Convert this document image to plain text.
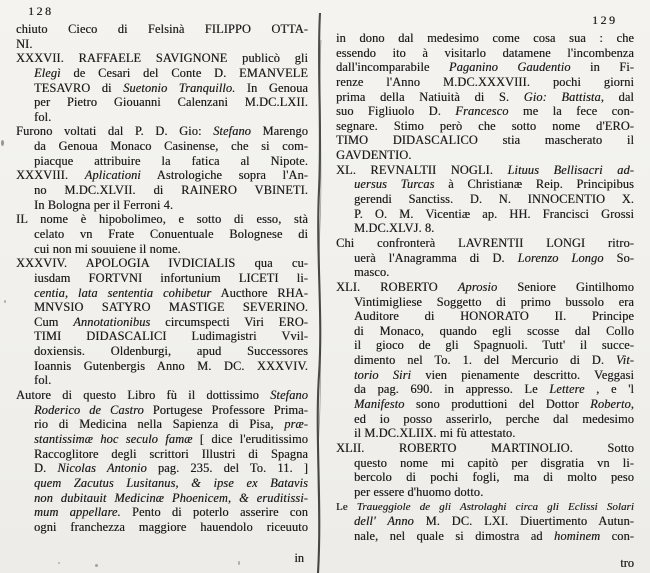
128
129
chiuto Cieco di Felsinà FILIPPO OTTA-
NI.
XXXVII. RAFFAELE SAVIGNONE publicò gli
Elegì de Cesari del Conte D. EMANVELE
TESAVRO di Suetonio Tranquillo. In Genoua
per Pietro Giouanni Calenzani M.DC.LXII.
fol.
Furono voltati dal P. D. Gio: Stefano Marengo
da Genoua Monaco Casinense, che si com-
piacque attribuire la fatica al Nipote.
XXXVIII. Aplicationi Astrologiche sopra l'An-
no M.DC.XLVII. di RAINERO VBINETI.
In Bologna per il Ferroni 4.
IL nome è hipobolimeo, e sotto di esso, stà
celato vn Frate Conuentuale Bolognese di
cui non mi souuiene il nome.
XXXVIV. APOLOGIA IVDICIALIS qua cu-
iusdam FORTVNI infortunium LICETI li-
centia, lata sententia cohibetur Aucthore RHA-
MNVSIO SATYRO MASTIGE SEVERINO.
Cum Annotationibus circumspecti Viri ERO-
TIMI DIDASCALICI Ludimagistri Vvil-
doxiensis. Oldenburgi, apud Successores
Ioannis Gutenbergis Anno M. DC. XXXVIV.
fol.
Autore di questo Libro fù il dottissimo Stefano
Roderico de Castro Portugese Professore Prima-
rio di Medicina nella Sapienza di Pisa, præ-
stantissimæ hoc seculo famæ [ dice l'eruditissimo
Raccoglitore degli scrittori Illustri di Spagna
D. Nicolas Antonio pag. 235. del To. 11. ]
quem Zacutus Lusitanus, & ipse ex Batavis
non dubitauit Medicinæ Phoenicem, & eruditissi-
mum appellare. Pento di poterlo asserire con
ogni franchezza maggiore hauendolo riceuuto
in
in dono dal medesimo come cosa sua : che
essendo ito à visitarlo datamene l'incombenza
dall'incomparabile Paganino Gaudentio in Fi-
renze l'Anno M.DC.XXXVIII. pochi giorni
prima della Natiuità di S. Gio: Battista, dal
suo Figliuolo D. Francesco me la fece con-
segnare. Stimo però che sotto nome d'ERO-
TIMO DIDASCALICO stia mascherato il
GAVDENTIO.
XL. REVNALTII NOGLI. Lituus Bellisacri ad-
uersus Turcas à Christianæ Reip. Principibus
gerendi Sanctiss. D. N. INNOCENTIO X.
P. O. M. Vicentiæ ap. HH. Francisci Grossi
M.DC.XLVJ. 8.
Chi confronterà LAVRENTII LONGI ritro-
uerà l'Anagramma di D. Lorenzo Longo So-
masco.
XLI. ROBERTO Aprosio Seniore Gintilhomo
Vintimigliese Soggetto di primo bussolo era
Auditore di HONORATO II. Principe
di Monaco, quando egli scosse dal Collo
il gioco de gli Spagnuoli. Tutt' il succe-
dimento nel To. 1. del Mercurio di D. Vit-
torio Siri vien pienamente descritto. Veggasi
da pag. 690. in appresso. Le Lettere , e 'l
Manifesto sono produttioni del Dottor Roberto,
ed io posso asserirlo, perche dal medesimo
il M.DC.XLIIX. mi fù attestato.
XLII. ROBERTO MARTINOLIO. Sotto
questo nome mi capitò per disgratia vn li-
bercolo di pochi fogli, ma di molto peso
per essere d'huomo dotto.
Le Traueggiole de gli Astrolaghi circa gli Eclissi Solari
dell' Anno M. DC. LXI. Diuertimento Autun-
nale, nel quale si dimostra ad hominem con-
tro
